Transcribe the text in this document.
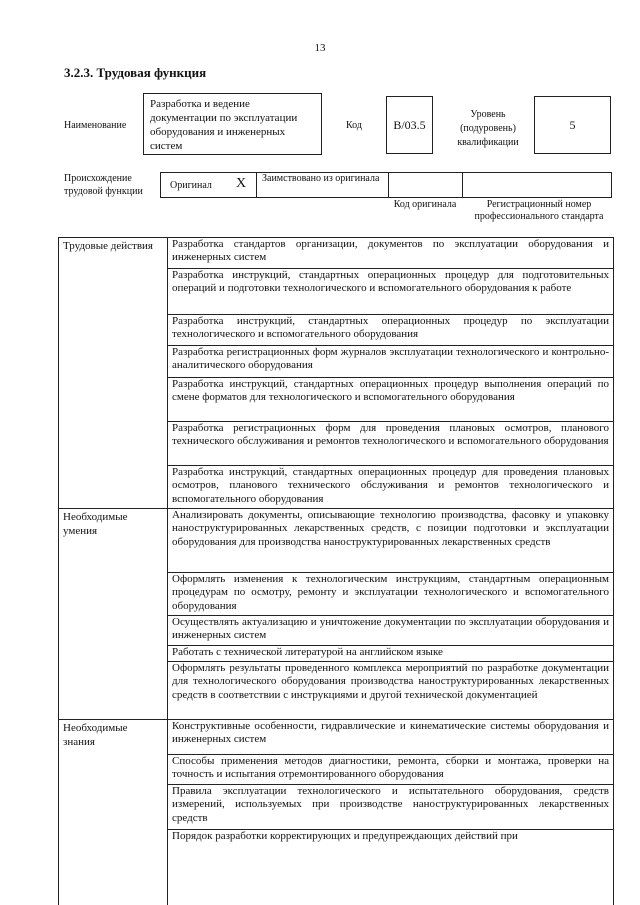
13
3.2.3. Трудовая функция
Наименование
Разработка и ведение документации по эксплуатации оборудования и инженерных систем
Код	B/03.5
Уровень (подуровень) квалификации
5
Происхождение трудовой функции
Оригинал X Заимствовано из оригинала
Код оригинала	Регистрационный номер профессионального стандарта
Трудовые действия	Разработка стандартов организации, документов по эксплуатации оборудования и инженерных систем
Разработка инструкций, стандартных операционных процедур для подготовительных операций и подготовки технологического и вспомогательного оборудования к работе
Разработка инструкций, стандартных операционных процедур по эксплуатации технологического и вспомогательного оборудования
Разработка регистрационных форм журналов эксплуатации технологического и контрольно-аналитического оборудования
Разработка инструкций, стандартных операционных процедур выполнения операций по смене форматов для технологического и вспомогательного оборудования
Разработка регистрационных форм для проведения плановых осмотров, планового технического обслуживания и ремонтов технологического и вспомогательного оборудования
Разработка инструкций, стандартных операционных процедур для проведения плановых осмотров, планового технического обслуживания и ремонтов технологического и вспомогательного оборудования
Необходимые умения
Анализировать документы, описывающие технологию производства, фасовку и упаковку наноструктурированных лекарственных средств, с позиции подготовки и эксплуатации оборудования для производства наноструктурированных лекарственных средств
Оформлять изменения к технологическим инструкциям, стандартным операционным процедурам по осмотру, ремонту и эксплуатации технологического и вспомогательного оборудования
Осуществлять актуализацию и уничтожение документации по эксплуатации оборудования и инженерных систем
Работать с технической литературой на английском языке
Оформлять результаты проведенного комплекса мероприятий по разработке документации для технологического оборудования производства наноструктурированных лекарственных средств в соответствии с инструкциями и другой технической документацией
Необходимые знания
Конструктивные особенности, гидравлические и кинематические системы оборудования и инженерных систем
Способы применения методов диагностики, ремонта, сборки и монтажа, проверки на точность и испытания отремонтированного оборудования
Правила эксплуатации технологического и испытательного оборудования, средств измерений, используемых при производстве наноструктурированных лекарственных средств
Порядок разработки корректирующих и предупреждающих действий при
